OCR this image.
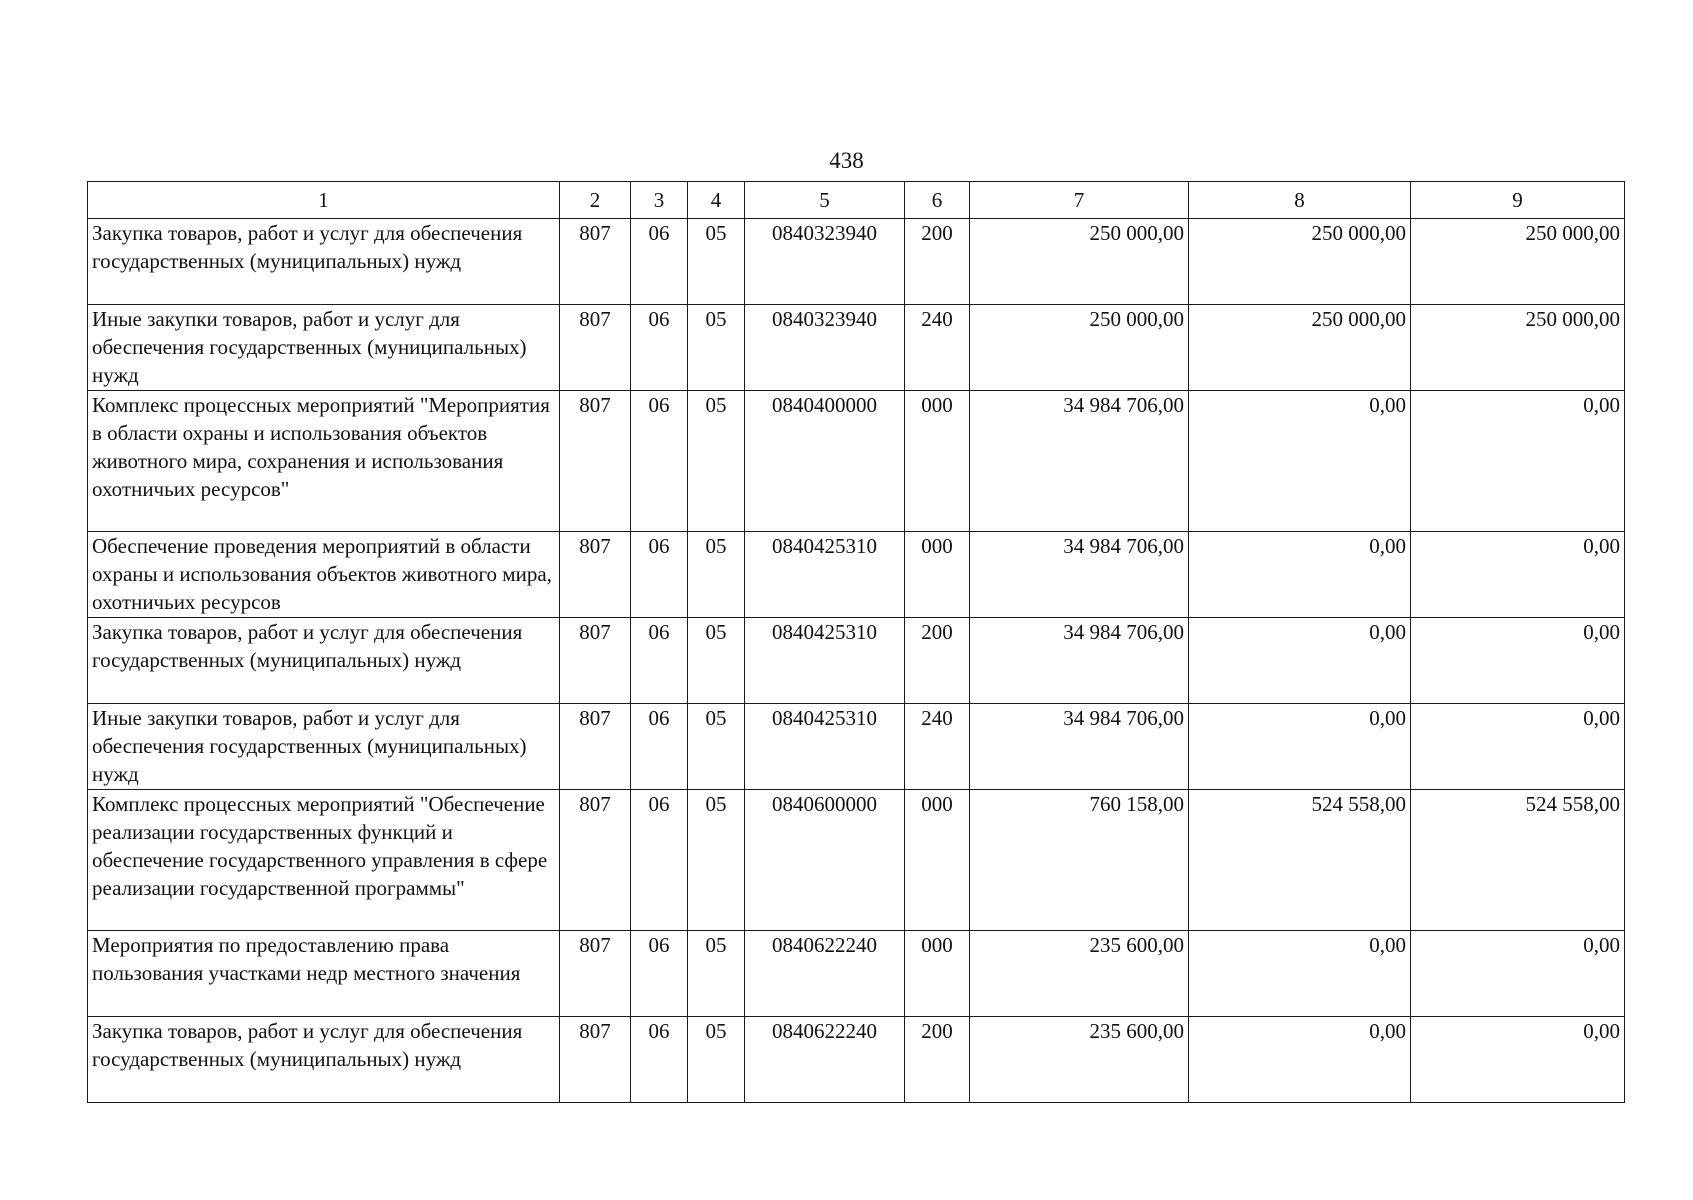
438
1	2	3	4	5	6	7	8	9
Закупка товаров, работ и услуг для обеспечения государственных (муниципальных) нужд	807	06	05	0840323940	200	250 000,00	250 000,00	250 000,00
Иные закупки товаров, работ и услуг для обеспечения государственных (муниципальных) нужд	807	06	05	0840323940	240	250 000,00	250 000,00	250 000,00
Комплекс процессных мероприятий "Мероприятия в области охраны и использования объектов животного мира, сохранения и использования охотничьих ресурсов"	807	06	05	0840400000	000	34 984 706,00	0,00	0,00
Обеспечение проведения мероприятий в области охраны и использования объектов животного мира, охотничьих ресурсов	807	06	05	0840425310	000	34 984 706,00	0,00	0,00
Закупка товаров, работ и услуг для обеспечения государственных (муниципальных) нужд	807	06	05	0840425310	200	34 984 706,00	0,00	0,00
Иные закупки товаров, работ и услуг для обеспечения государственных (муниципальных) нужд	807	06	05	0840425310	240	34 984 706,00	0,00	0,00
Комплекс процессных мероприятий "Обеспечение реализации государственных функций и обеспечение государственного управления в сфере реализации государственной программы"	807	06	05	0840600000	000	760 158,00	524 558,00	524 558,00
Мероприятия по предоставлению права пользования участками недр местного значения	807	06	05	0840622240	000	235 600,00	0,00	0,00
Закупка товаров, работ и услуг для обеспечения государственных (муниципальных) нужд	807	06	05	0840622240	200	235 600,00	0,00	0,00
